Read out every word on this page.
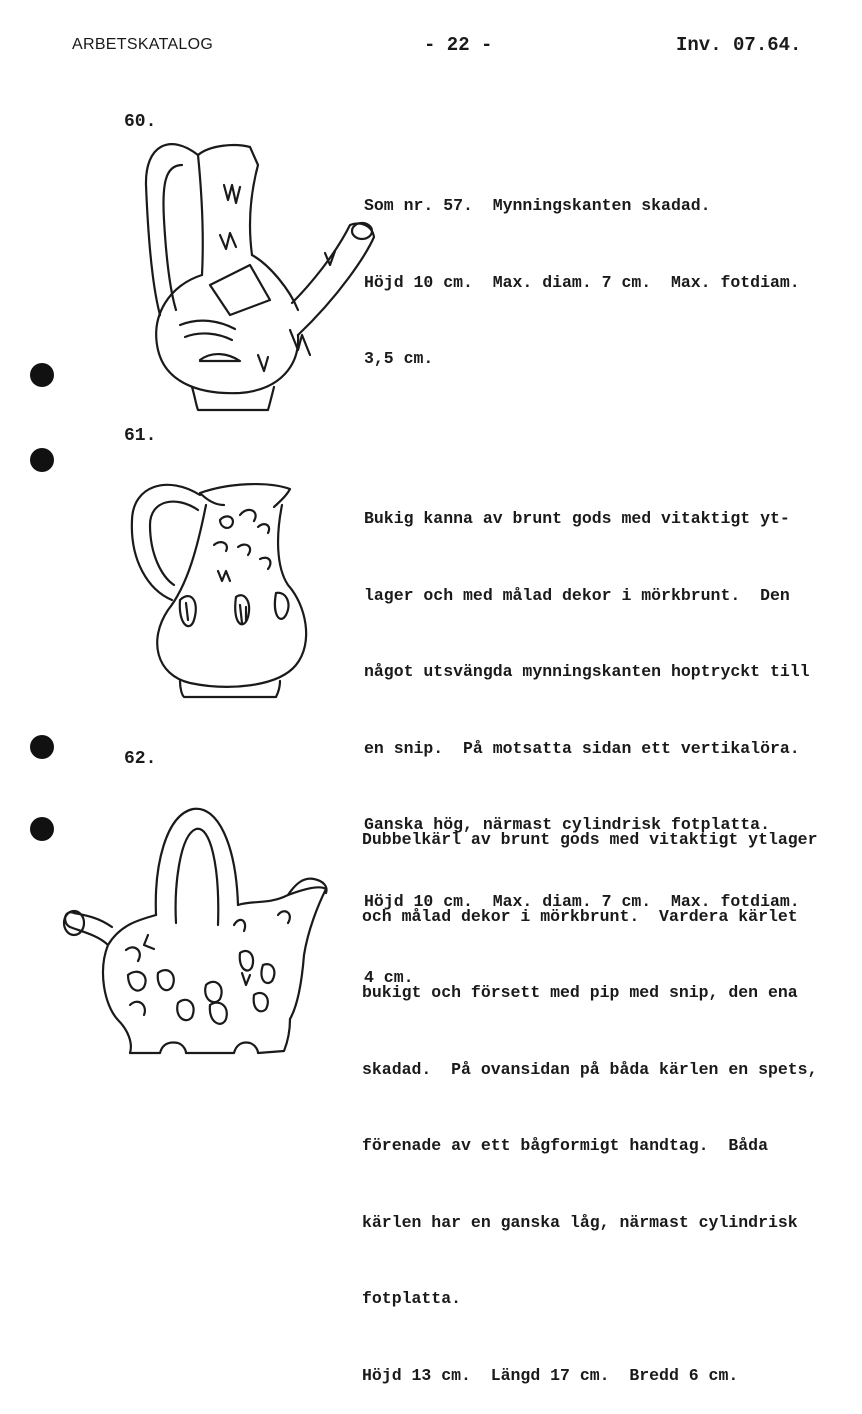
ARBETSKATALOG	- 22 -	Inv. 07.64.
60.

Som nr. 57.  Mynningskanten skadad.

Höjd 10 cm.  Max. diam. 7 cm.  Max. fotdiam.

3,5 cm.

61.

Bukig kanna av brunt gods med vitaktigt yt-

lager och med målad dekor i mörkbrunt.  Den

något utsvängda mynningskanten hoptryckt till

en snip.  På motsatta sidan ett vertikalöra.

Ganska hög, närmast cylindrisk fotplatta.

Höjd 10 cm.  Max. diam. 7 cm.  Max. fotdiam.

4 cm.

62.

Dubbelkärl av brunt gods med vitaktigt ytlager

och målad dekor i mörkbrunt.  Vardera kärlet

bukigt och försett med pip med snip, den ena

skadad.  På ovansidan på båda kärlen en spets,

förenade av ett bågformigt handtag.  Båda

kärlen har en ganska låg, närmast cylindrisk

fotplatta.

Höjd 13 cm.  Längd 17 cm.  Bredd 6 cm.
